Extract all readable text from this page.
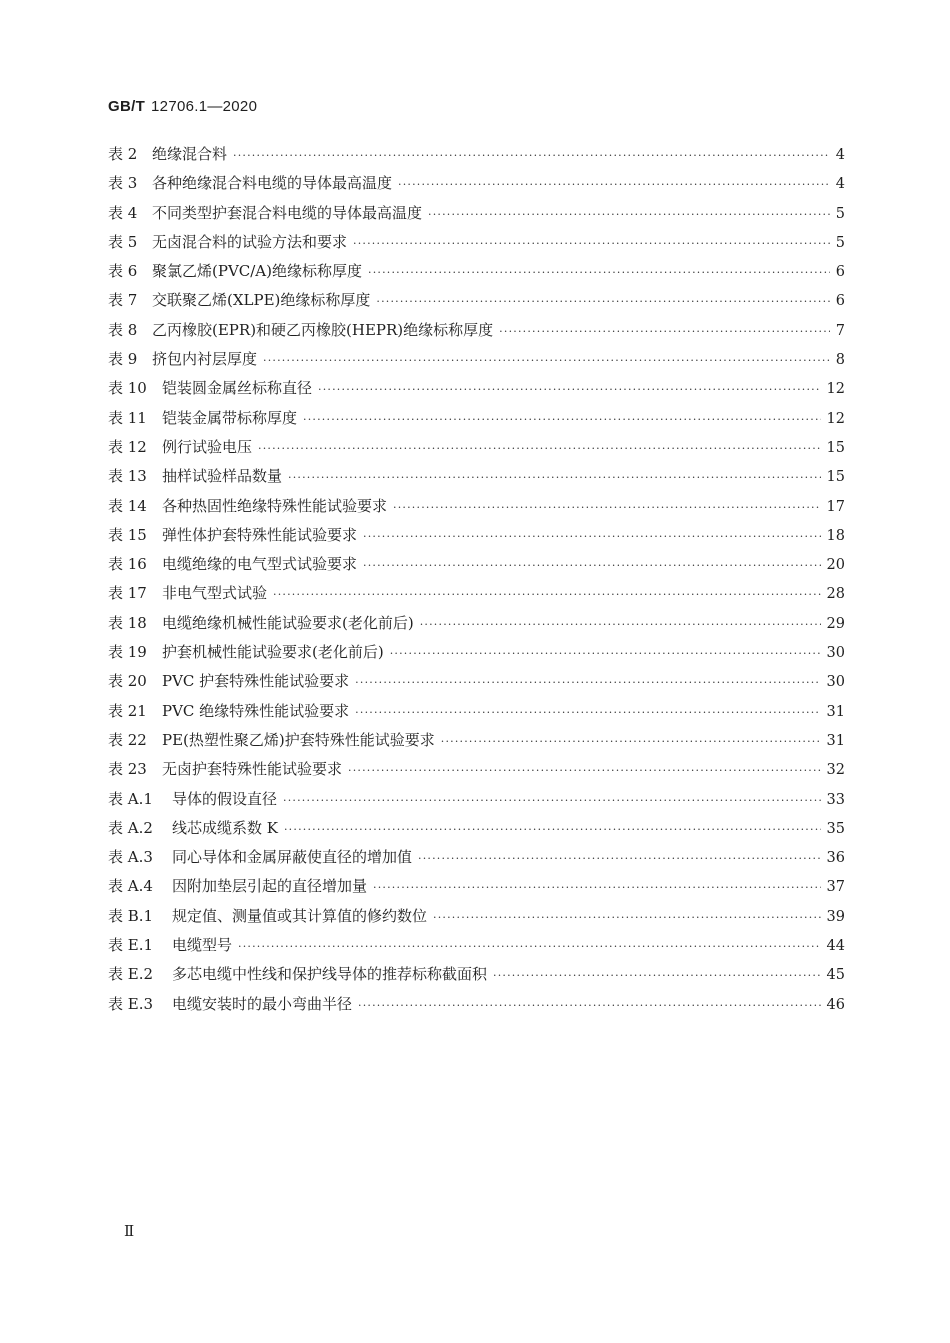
GB/T 12706.1—2020
表 2 绝缘混合料 ·····	4
表 3 各种绝缘混合料电缆的导体最高温度 ·····	4
表 4 不同类型护套混合料电缆的导体最高温度 ·····	5
表 5 无卤混合料的试验方法和要求 ·····	5
表 6 聚氯乙烯(PVC/A)绝缘标称厚度 ·····	6
表 7 交联聚乙烯(XLPE)绝缘标称厚度 ·····	6
表 8 乙丙橡胶(EPR)和硬乙丙橡胶(HEPR)绝缘标称厚度 ·····	7
表 9 挤包内衬层厚度 ·····	8
表 10	铠装圆金属丝标称直径 ·····	12
表 11	铠装金属带标称厚度 ·····	12
表 12	例行试验电压 ·····	15
表 13	抽样试验样品数量 ·····	15
表 14	各种热固性绝缘特殊性能试验要求 ·····	17
表 15	弹性体护套特殊性能试验要求 ·····	18
表 16	电缆绝缘的电气型式试验要求 ·····	20
表 17	非电气型式试验 ·····	28
表 18	电缆绝缘机械性能试验要求(老化前后) ·····	29
表 19	护套机械性能试验要求(老化前后) ·····	30
表 20	PVC 护套特殊性能试验要求 ·····	30
表 21	PVC 绝缘特殊性能试验要求 ·····	31
表 22	PE(热塑性聚乙烯)护套特殊性能试验要求 ·····	31
表 23	无卤护套特殊性能试验要求 ·····	32
表 A.1	导体的假设直径 ·····	33
表 A.2	线芯成缆系数 K ·····	35
表 A.3	同心导体和金属屏蔽使直径的增加值 ·····	36
表 A.4	因附加垫层引起的直径增加量 ·····	37
表 B.1	规定值、测量值或其计算值的修约数位 ·····	39
表 E.1	电缆型号 ·····	44
表 E.2	多芯电缆中性线和保护线导体的推荐标称截面积 ·····	45
表 E.3	电缆安装时的最小弯曲半径 ·····	46
Ⅱ
